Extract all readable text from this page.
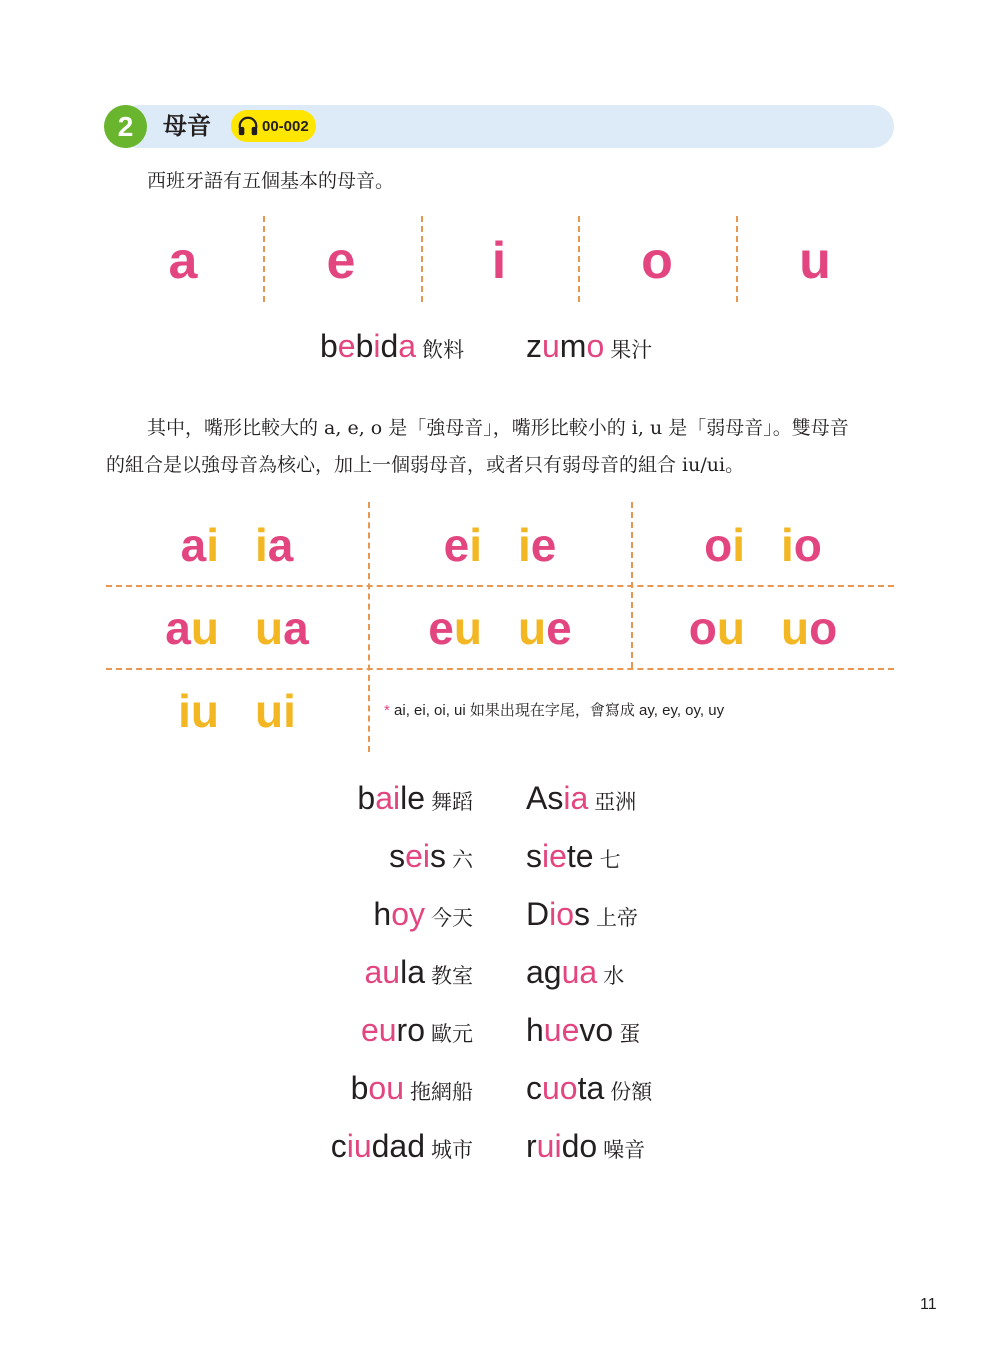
2	母音	00-002
西班牙語有五個基本的母音。
a	e	i	o	u
bebida 飲料 zumo 果汁
其中，嘴形比較大的 a, e, o 是「強母音」，嘴形比較小的 i, u 是「弱母音」。雙母音
的組合是以強母音為核心，加上一個弱母音，或者只有弱母音的組合 iu/ui。
ai ia	ei ie	oi io
au ua	eu ue	ou uo
iu ui	* ai, ei, oi, ui 如果出現在字尾，會寫成 ay, ey, oy, uy
baile 舞蹈
seis 六
hoy 今天
aula 教室
euro 歐元
bou 拖網船
ciudad 城市
Asia 亞洲
siete 七
Dios 上帝
agua 水
huevo 蛋
cuota 份額
ruido 噪音
11
